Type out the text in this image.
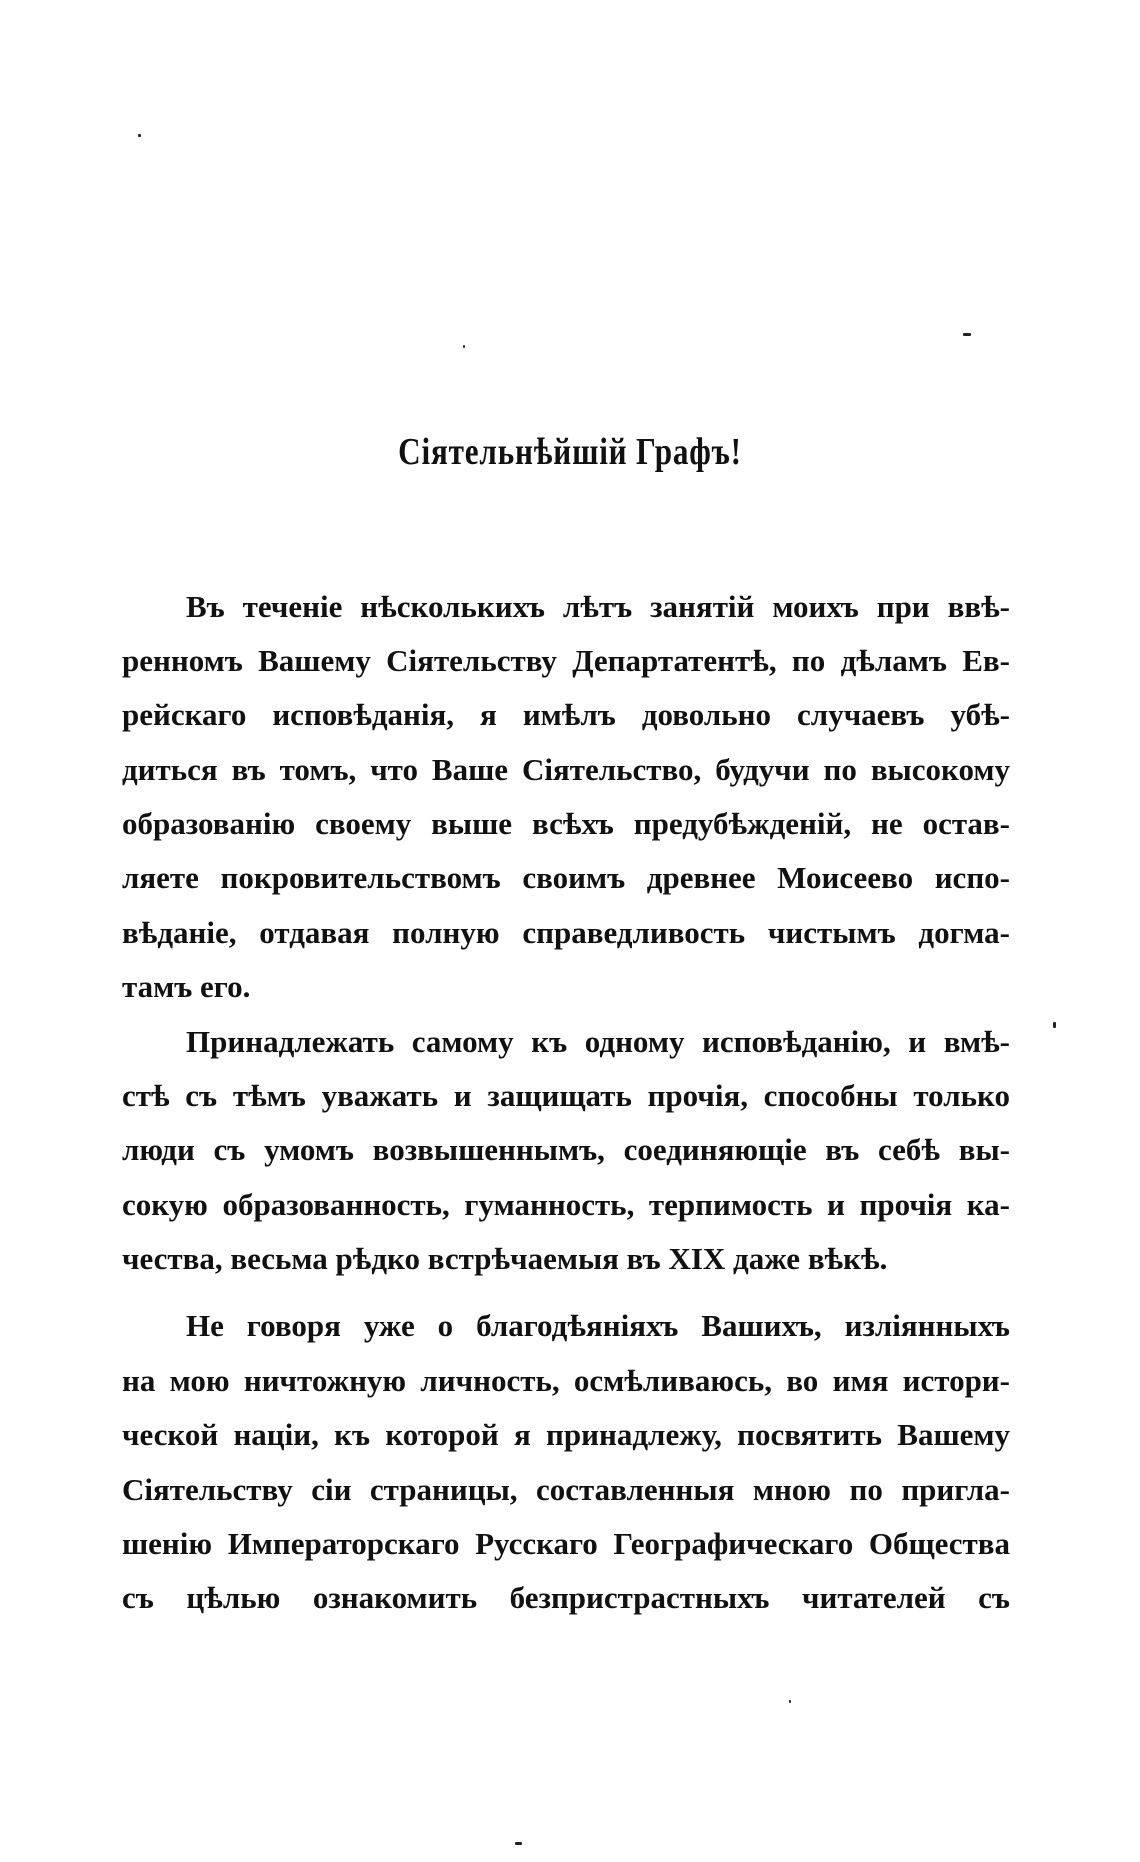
Сіятельнѣйшій Графъ!
Въ теченіе нѣсколькихъ лѣтъ занятій моихъ при ввѣ-
ренномъ Вашему Сіятельству Департатентѣ, по дѣламъ Ев-
рейскаго исповѣданія, я имѣлъ довольно случаевъ убѣ-
диться въ томъ, что Ваше Сіятельство, будучи по высокому
образованію своему выше всѣхъ предубѣжденій, не остав-
ляете покровительствомъ своимъ древнее Моисеево испо-
вѣданіе, отдавая полную справедливость чистымъ догма-
тамъ его.
Принадлежать самому къ одному исповѣданію, и вмѣ-
стѣ съ тѣмъ уважать и защищать прочія, способны только
люди съ умомъ возвышеннымъ, соединяющіе въ себѣ вы-
сокую образованность, гуманность, терпимость и прочія ка-
чества, весьма рѣдко встрѣчаемыя въ XIX даже вѣкѣ.
Не говоря уже о благодѣяніяхъ Вашихъ, изліянныхъ
на мою ничтожную личность, осмѣливаюсь, во имя истори-
ческой націи, къ которой я принадлежу, посвятить Вашему
Сіятельству сіи страницы, составленныя мною по пригла-
шенію Императорскаго Русскаго Географическаго Общества
съ цѣлью ознакомить безпристрастныхъ читателей съ
